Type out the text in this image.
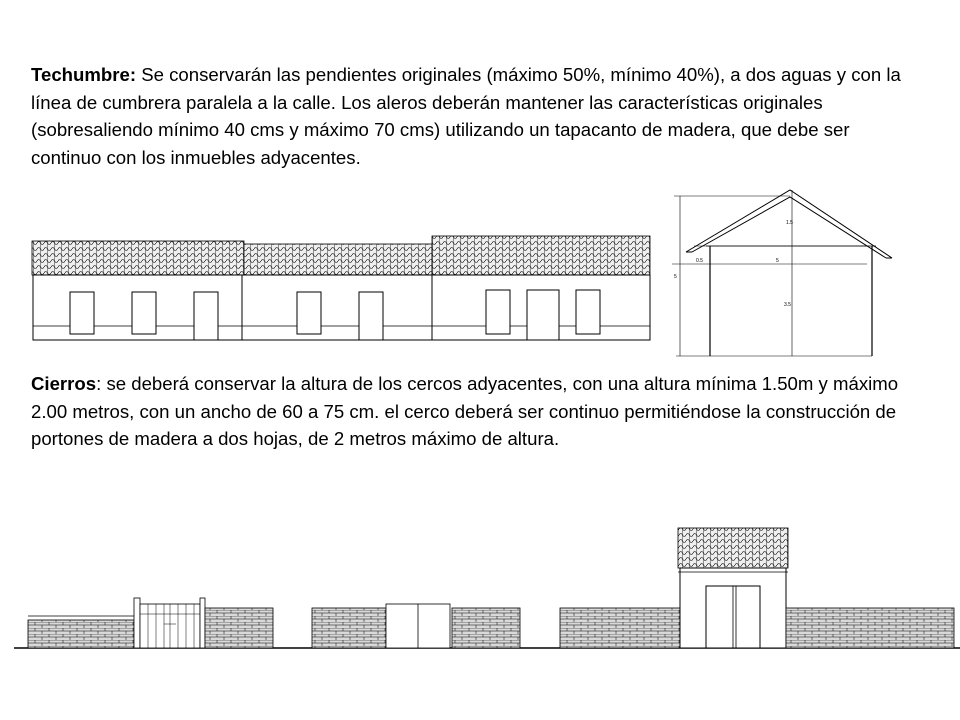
Techumbre: Se conservarán las pendientes originales (máximo 50%, mínimo 40%), a dos aguas y con la línea de cumbrera paralela a la calle. Los aleros deberán mantener las características originales (sobresaliendo mínimo 40 cms y máximo 70 cms) utilizando un tapacanto de madera, que debe ser continuo con los inmuebles adyacentes.

1.5
0.5
5
5
3.5

Cierros: se deberá conservar la altura de los cercos adyacentes, con una altura mínima 1.50m y máximo 2.00 metros, con un ancho de 60 a 75 cm. el cerco deberá ser continuo permitiéndose la construcción de portones de madera a dos hojas, de 2 metros máximo de altura.
